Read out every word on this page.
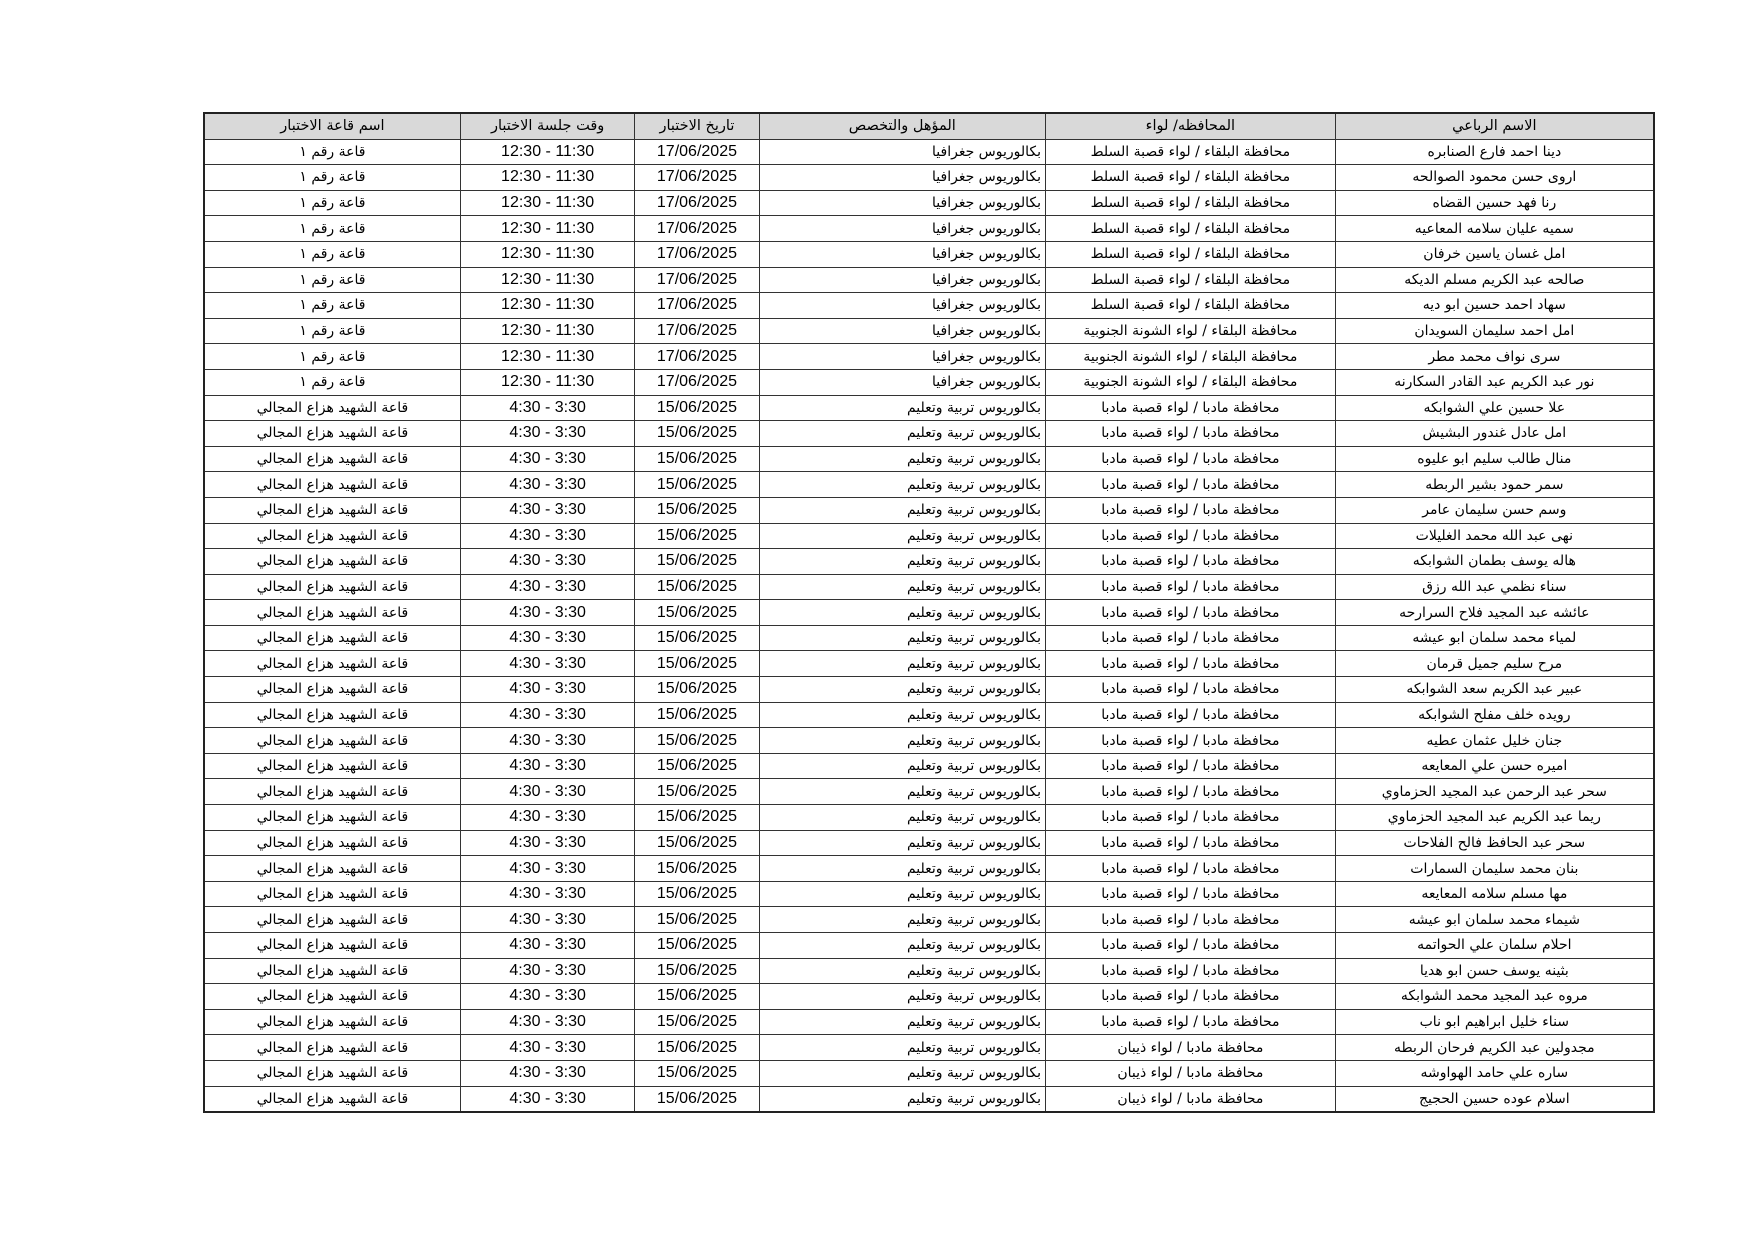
الاسم الرباعي	المحافظه/ لواء	المؤهل والتخصص	تاريخ الاختبار	وقت جلسة الاختبار	اسم قاعة الاختبار
دينا احمد فارع الصنابره	محافظة البلقاء / لواء قصبة السلط	بكالوريوس جغرافيا	17/06/2025	11:30 - 12:30	قاعة رقم ١
اروى حسن محمود الصوالحه	محافظة البلقاء / لواء قصبة السلط	بكالوريوس جغرافيا	17/06/2025	11:30 - 12:30	قاعة رقم ١
رنا فهد حسين القضاه	محافظة البلقاء / لواء قصبة السلط	بكالوريوس جغرافيا	17/06/2025	11:30 - 12:30	قاعة رقم ١
سميه عليان سلامه المعاعيه	محافظة البلقاء / لواء قصبة السلط	بكالوريوس جغرافيا	17/06/2025	11:30 - 12:30	قاعة رقم ١
امل غسان ياسين خرفان	محافظة البلقاء / لواء قصبة السلط	بكالوريوس جغرافيا	17/06/2025	11:30 - 12:30	قاعة رقم ١
صالحه عبد الكريم مسلم الديكه	محافظة البلقاء / لواء قصبة السلط	بكالوريوس جغرافيا	17/06/2025	11:30 - 12:30	قاعة رقم ١
سهاد احمد حسين ابو ديه	محافظة البلقاء / لواء قصبة السلط	بكالوريوس جغرافيا	17/06/2025	11:30 - 12:30	قاعة رقم ١
امل احمد سليمان السويدان	محافظة البلقاء / لواء الشونة الجنوبية	بكالوريوس جغرافيا	17/06/2025	11:30 - 12:30	قاعة رقم ١
سرى نواف محمد مطر	محافظة البلقاء / لواء الشونة الجنوبية	بكالوريوس جغرافيا	17/06/2025	11:30 - 12:30	قاعة رقم ١
نور عبد الكريم عبد القادر السكارنه	محافظة البلقاء / لواء الشونة الجنوبية	بكالوريوس جغرافيا	17/06/2025	11:30 - 12:30	قاعة رقم ١
علا حسين علي الشوابكه	محافظة مادبا / لواء قصبة مادبا	بكالوريوس تربية وتعليم	15/06/2025	3:30 - 4:30	قاعة الشهيد هزاع المجالي
امل عادل غندور البشيش	محافظة مادبا / لواء قصبة مادبا	بكالوريوس تربية وتعليم	15/06/2025	3:30 - 4:30	قاعة الشهيد هزاع المجالي
منال طالب سليم ابو عليوه	محافظة مادبا / لواء قصبة مادبا	بكالوريوس تربية وتعليم	15/06/2025	3:30 - 4:30	قاعة الشهيد هزاع المجالي
سمر حمود بشير الربطه	محافظة مادبا / لواء قصبة مادبا	بكالوريوس تربية وتعليم	15/06/2025	3:30 - 4:30	قاعة الشهيد هزاع المجالي
وسم حسن سليمان عامر	محافظة مادبا / لواء قصبة مادبا	بكالوريوس تربية وتعليم	15/06/2025	3:30 - 4:30	قاعة الشهيد هزاع المجالي
نهى عبد الله محمد الغليلات	محافظة مادبا / لواء قصبة مادبا	بكالوريوس تربية وتعليم	15/06/2025	3:30 - 4:30	قاعة الشهيد هزاع المجالي
هاله يوسف بطمان الشوابكه	محافظة مادبا / لواء قصبة مادبا	بكالوريوس تربية وتعليم	15/06/2025	3:30 - 4:30	قاعة الشهيد هزاع المجالي
سناء نظمي عبد الله رزق	محافظة مادبا / لواء قصبة مادبا	بكالوريوس تربية وتعليم	15/06/2025	3:30 - 4:30	قاعة الشهيد هزاع المجالي
عائشه عبد المجيد فلاح السرارحه	محافظة مادبا / لواء قصبة مادبا	بكالوريوس تربية وتعليم	15/06/2025	3:30 - 4:30	قاعة الشهيد هزاع المجالي
لمياء محمد سلمان ابو عيشه	محافظة مادبا / لواء قصبة مادبا	بكالوريوس تربية وتعليم	15/06/2025	3:30 - 4:30	قاعة الشهيد هزاع المجالي
مرح سليم جميل قرمان	محافظة مادبا / لواء قصبة مادبا	بكالوريوس تربية وتعليم	15/06/2025	3:30 - 4:30	قاعة الشهيد هزاع المجالي
عبير عبد الكريم سعد الشوابكه	محافظة مادبا / لواء قصبة مادبا	بكالوريوس تربية وتعليم	15/06/2025	3:30 - 4:30	قاعة الشهيد هزاع المجالي
رويده خلف مفلح الشوابكه	محافظة مادبا / لواء قصبة مادبا	بكالوريوس تربية وتعليم	15/06/2025	3:30 - 4:30	قاعة الشهيد هزاع المجالي
جنان خليل عثمان عطيه	محافظة مادبا / لواء قصبة مادبا	بكالوريوس تربية وتعليم	15/06/2025	3:30 - 4:30	قاعة الشهيد هزاع المجالي
اميره حسن علي المعايعه	محافظة مادبا / لواء قصبة مادبا	بكالوريوس تربية وتعليم	15/06/2025	3:30 - 4:30	قاعة الشهيد هزاع المجالي
سحر عبد الرحمن عبد المجيد الحزماوي	محافظة مادبا / لواء قصبة مادبا	بكالوريوس تربية وتعليم	15/06/2025	3:30 - 4:30	قاعة الشهيد هزاع المجالي
ريما عبد الكريم عبد المجيد الحزماوي	محافظة مادبا / لواء قصبة مادبا	بكالوريوس تربية وتعليم	15/06/2025	3:30 - 4:30	قاعة الشهيد هزاع المجالي
سحر عبد الحافظ فالح الفلاحات	محافظة مادبا / لواء قصبة مادبا	بكالوريوس تربية وتعليم	15/06/2025	3:30 - 4:30	قاعة الشهيد هزاع المجالي
بنان محمد سليمان السمارات	محافظة مادبا / لواء قصبة مادبا	بكالوريوس تربية وتعليم	15/06/2025	3:30 - 4:30	قاعة الشهيد هزاع المجالي
مها مسلم سلامه المعايعه	محافظة مادبا / لواء قصبة مادبا	بكالوريوس تربية وتعليم	15/06/2025	3:30 - 4:30	قاعة الشهيد هزاع المجالي
شيماء محمد سلمان ابو عيشه	محافظة مادبا / لواء قصبة مادبا	بكالوريوس تربية وتعليم	15/06/2025	3:30 - 4:30	قاعة الشهيد هزاع المجالي
احلام سلمان علي الحواتمه	محافظة مادبا / لواء قصبة مادبا	بكالوريوس تربية وتعليم	15/06/2025	3:30 - 4:30	قاعة الشهيد هزاع المجالي
بثينه يوسف حسن ابو هديا	محافظة مادبا / لواء قصبة مادبا	بكالوريوس تربية وتعليم	15/06/2025	3:30 - 4:30	قاعة الشهيد هزاع المجالي
مروه عبد المجيد محمد الشوابكه	محافظة مادبا / لواء قصبة مادبا	بكالوريوس تربية وتعليم	15/06/2025	3:30 - 4:30	قاعة الشهيد هزاع المجالي
سناء خليل ابراهيم ابو ناب	محافظة مادبا / لواء قصبة مادبا	بكالوريوس تربية وتعليم	15/06/2025	3:30 - 4:30	قاعة الشهيد هزاع المجالي
مجدولين عبد الكريم فرحان الربطه	محافظة مادبا / لواء ذيبان	بكالوريوس تربية وتعليم	15/06/2025	3:30 - 4:30	قاعة الشهيد هزاع المجالي
ساره علي حامد الهواوشه	محافظة مادبا / لواء ذيبان	بكالوريوس تربية وتعليم	15/06/2025	3:30 - 4:30	قاعة الشهيد هزاع المجالي
اسلام عوده حسين الحجيج	محافظة مادبا / لواء ذيبان	بكالوريوس تربية وتعليم	15/06/2025	3:30 - 4:30	قاعة الشهيد هزاع المجالي
